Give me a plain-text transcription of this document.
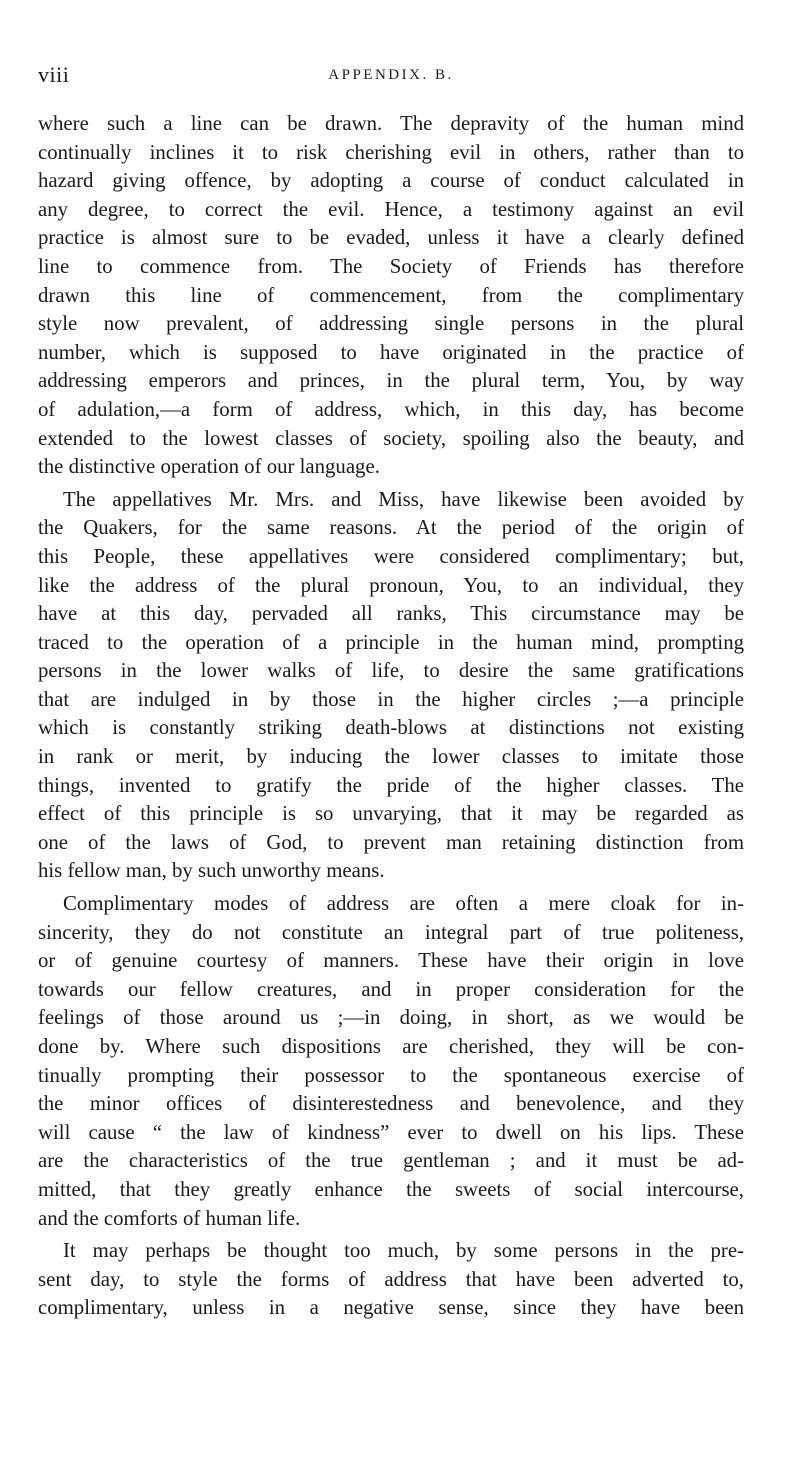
viii	APPENDIX. B.
where such a line can be drawn. The depravity of the human mind
continually inclines it to risk cherishing evil in others, rather than to
hazard giving offence, by adopting a course of conduct calculated in
any degree, to correct the evil. Hence, a testimony against an evil
practice is almost sure to be evaded, unless it have a clearly defined
line to commence from. The Society of Friends has therefore
drawn this line of commencement, from the complimentary
style now prevalent, of addressing single persons in the plural
number, which is supposed to have originated in the practice of
addressing emperors and princes, in the plural term, You, by way
of adulation,—a form of address, which, in this day, has become
extended to the lowest classes of society, spoiling also the beauty, and
the distinctive operation of our language.
The appellatives Mr. Mrs. and Miss, have likewise been avoided by
the Quakers, for the same reasons. At the period of the origin of
this People, these appellatives were considered complimentary; but,
like the address of the plural pronoun, You, to an individual, they
have at this day, pervaded all ranks, This circumstance may be
traced to the operation of a principle in the human mind, prompting
persons in the lower walks of life, to desire the same gratifications
that are indulged in by those in the higher circles ;—a principle
which is constantly striking death-blows at distinctions not existing
in rank or merit, by inducing the lower classes to imitate those
things, invented to gratify the pride of the higher classes. The
effect of this principle is so unvarying, that it may be regarded as
one of the laws of God, to prevent man retaining distinction from
his fellow man, by such unworthy means.
Complimentary modes of address are often a mere cloak for in-
sincerity, they do not constitute an integral part of true politeness,
or of genuine courtesy of manners. These have their origin in love
towards our fellow creatures, and in proper consideration for the
feelings of those around us ;—in doing, in short, as we would be
done by. Where such dispositions are cherished, they will be con-
tinually prompting their possessor to the spontaneous exercise of
the minor offices of disinterestedness and benevolence, and they
will cause “ the law of kindness” ever to dwell on his lips. These
are the characteristics of the true gentleman ; and it must be ad-
mitted, that they greatly enhance the sweets of social intercourse,
and the comforts of human life.
It may perhaps be thought too much, by some persons in the pre-
sent day, to style the forms of address that have been adverted to,
complimentary, unless in a negative sense, since they have been
